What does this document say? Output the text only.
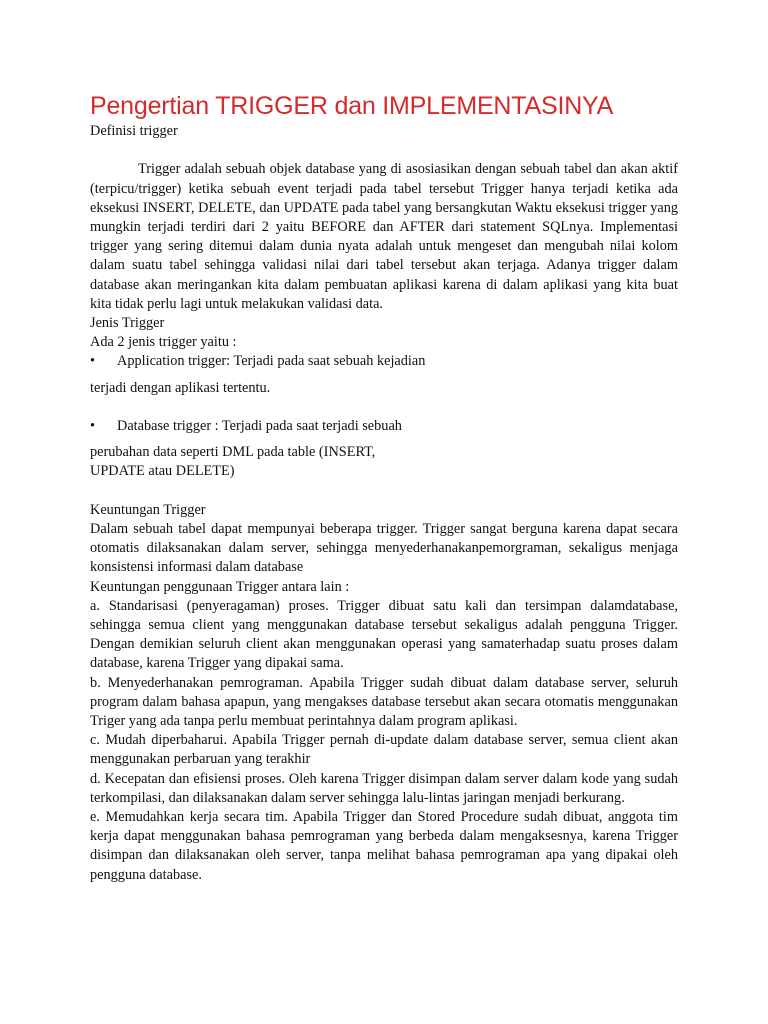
Pengertian TRIGGER dan IMPLEMENTASINYA

Definisi trigger

Trigger adalah sebuah objek database yang di asosiasikan dengan sebuah tabel dan akan aktif (terpicu/trigger) ketika sebuah event terjadi pada tabel tersebut Trigger hanya terjadi ketika ada eksekusi INSERT, DELETE, dan UPDATE pada tabel yang bersangkutan Waktu eksekusi trigger yang mungkin terjadi terdiri dari 2 yaitu BEFORE dan AFTER dari statement SQLnya. Implementasi trigger yang sering ditemui dalam dunia nyata adalah untuk mengeset dan mengubah nilai kolom dalam suatu tabel sehingga validasi nilai dari tabel tersebut akan terjaga. Adanya trigger dalam database akan meringankan kita dalam pembuatan aplikasi karena di dalam aplikasi yang kita buat kita tidak perlu lagi untuk melakukan validasi data.

Jenis Trigger

Ada 2 jenis trigger yaitu :

• Application trigger: Terjadi pada saat sebuah kejadian

terjadi dengan aplikasi tertentu.

• Database trigger : Terjadi pada saat terjadi sebuah

perubahan data seperti DML pada table (INSERT,

UPDATE atau DELETE)

Keuntungan Trigger

Dalam sebuah tabel dapat mempunyai beberapa trigger. Trigger sangat berguna karena dapat secara otomatis dilaksanakan dalam server, sehingga menyederhanakanpemorgraman, sekaligus menjaga konsistensi informasi dalam database

Keuntungan penggunaan Trigger antara lain :

a. Standarisasi (penyeragaman) proses. Trigger dibuat satu kali dan tersimpan dalamdatabase, sehingga semua client yang menggunakan database tersebut sekaligus adalah pengguna Trigger. Dengan demikian seluruh client akan menggunakan operasi yang samaterhadap suatu proses dalam database, karena Trigger yang dipakai sama.

b. Menyederhanakan pemrograman. Apabila Trigger sudah dibuat dalam database server, seluruh program dalam bahasa apapun, yang mengakses database tersebut akan secara otomatis menggunakan Triger yang ada tanpa perlu membuat perintahnya dalam program aplikasi.

c. Mudah diperbaharui. Apabila Trigger pernah di-update dalam database server, semua client akan menggunakan perbaruan yang terakhir

d. Kecepatan dan efisiensi proses. Oleh karena Trigger disimpan dalam server dalam kode yang sudah terkompilasi, dan dilaksanakan dalam server sehingga lalu-lintas jaringan menjadi berkurang.

e. Memudahkan kerja secara tim. Apabila Trigger dan Stored Procedure sudah dibuat, anggota tim kerja dapat menggunakan bahasa pemrograman yang berbeda dalam mengaksesnya, karena Trigger disimpan dan dilaksanakan oleh server, tanpa melihat bahasa pemrograman apa yang dipakai oleh pengguna database.
